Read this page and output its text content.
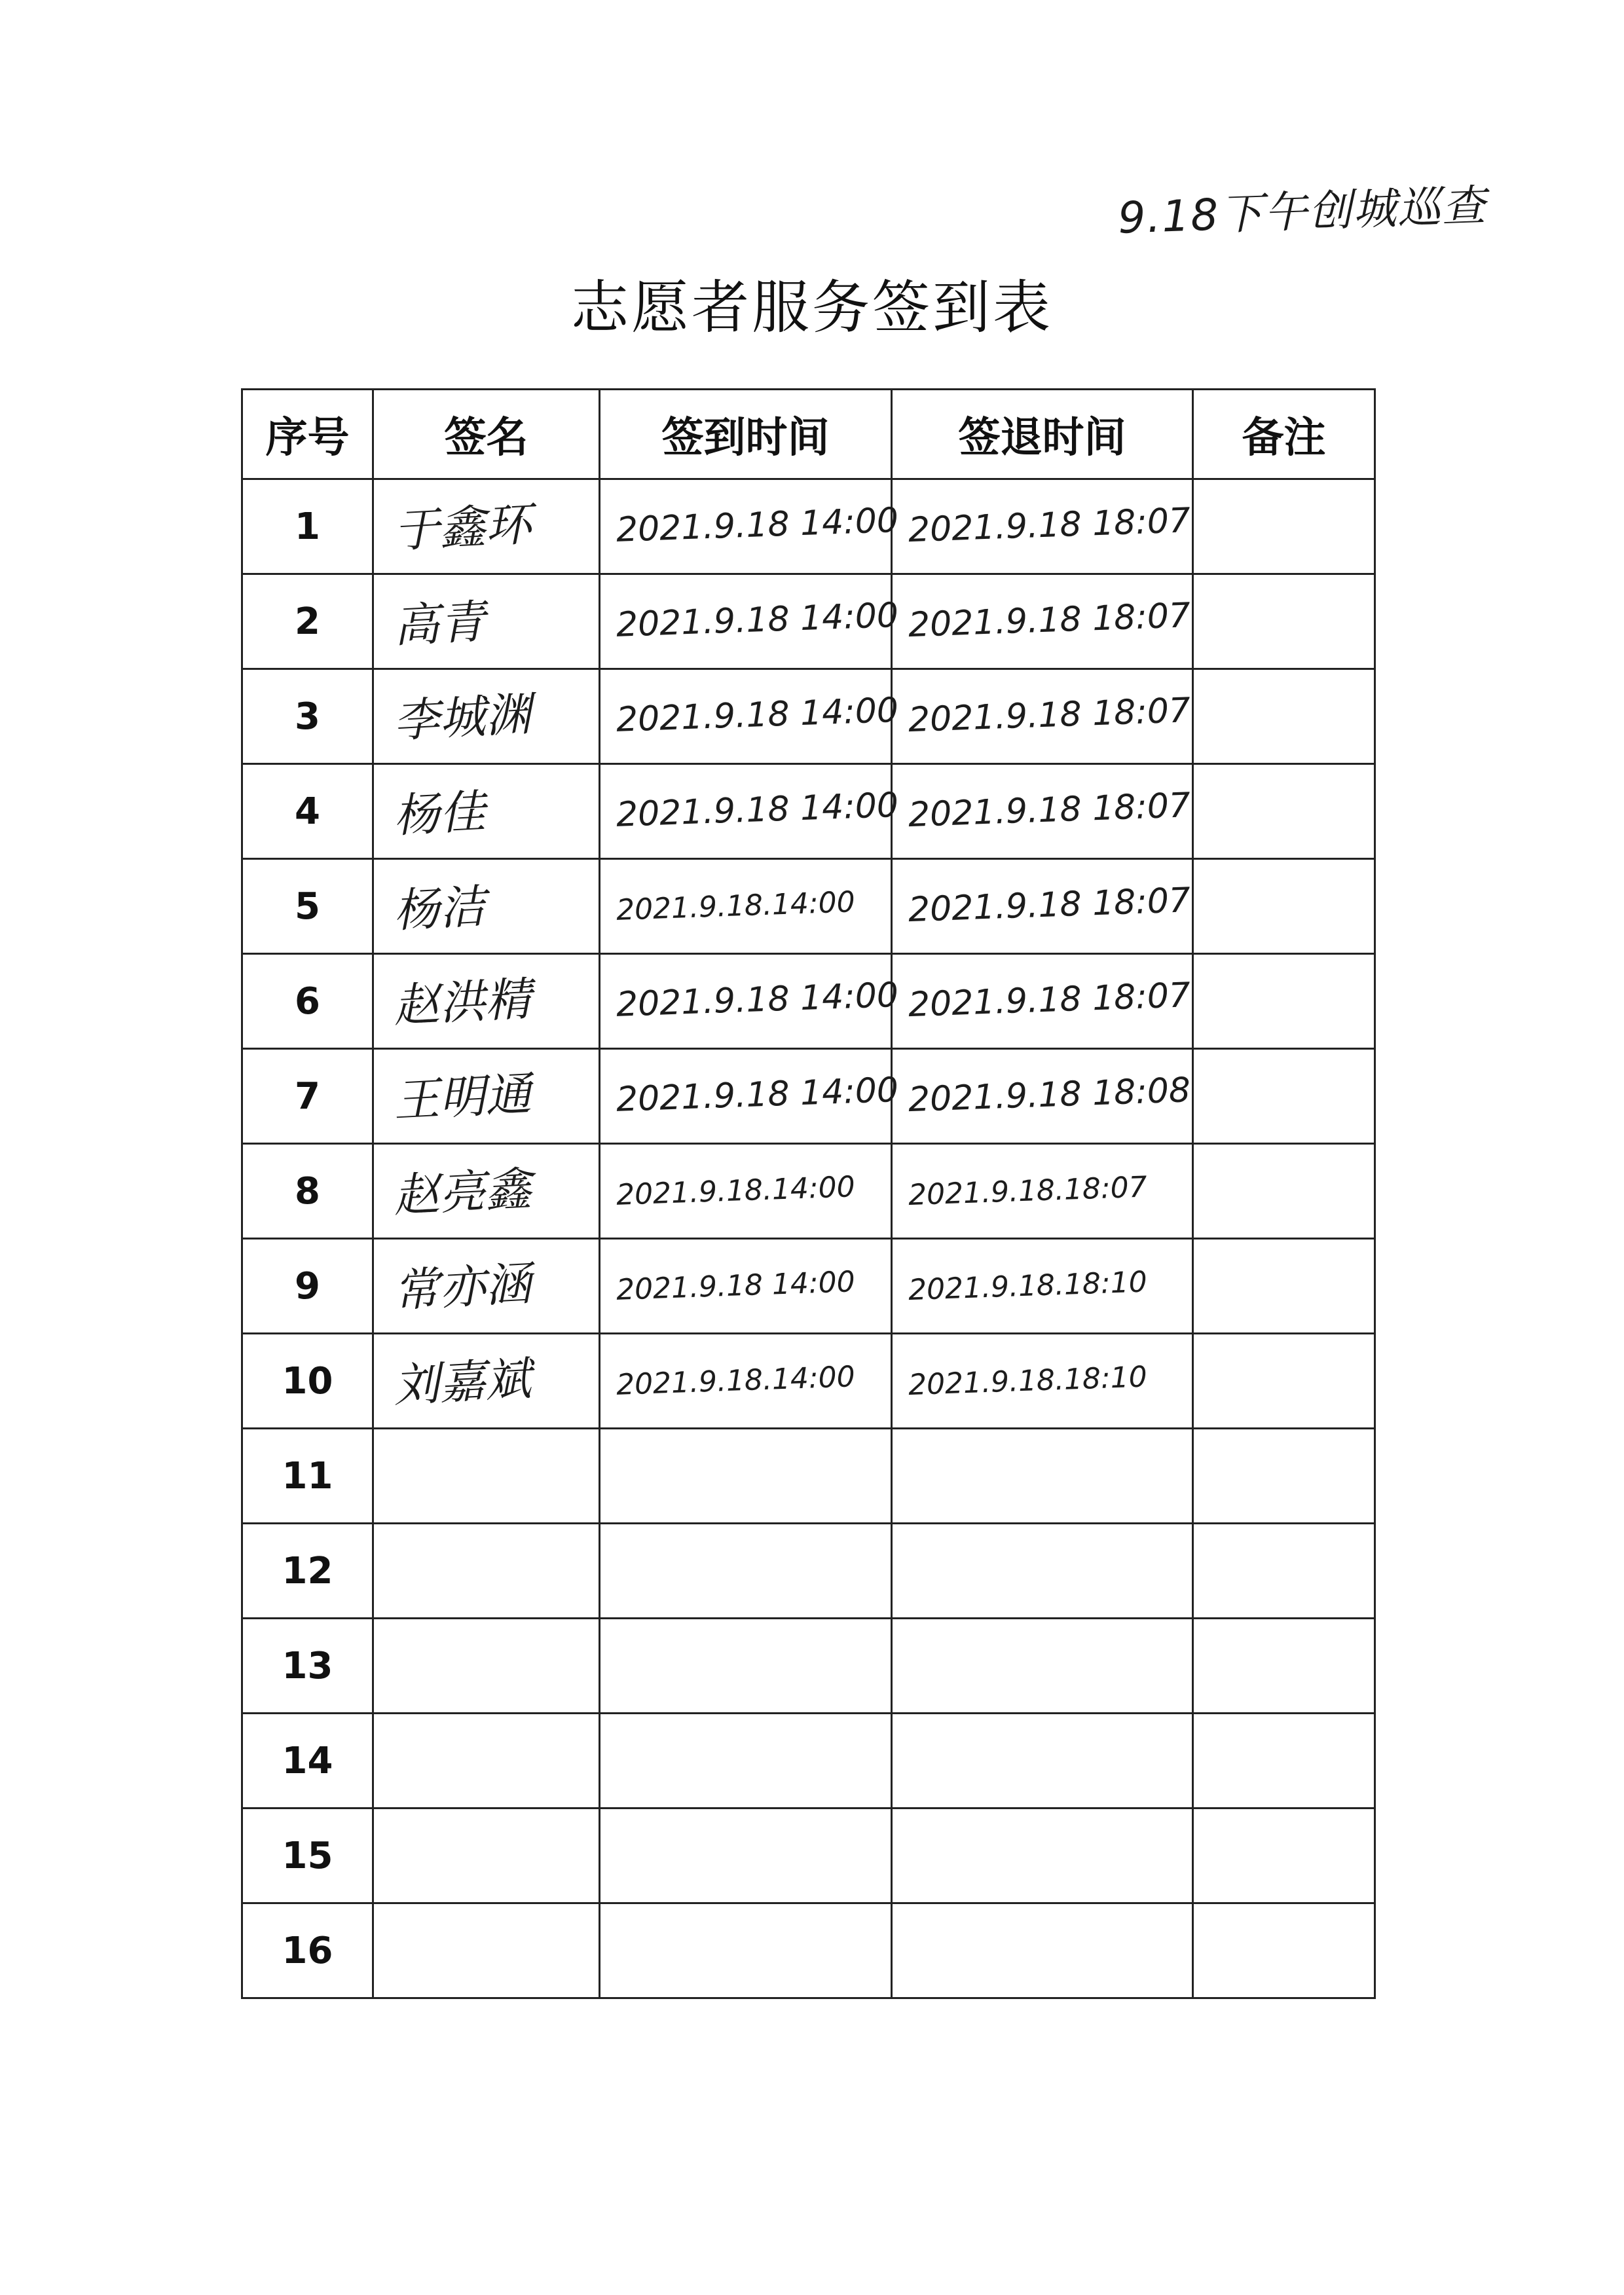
9.18下午创城巡查
志愿者服务签到表
序号	签名	签到时间	签退时间	备注
1	于鑫环	2021.9.18 14:00	2021.9.18 18:07	

2	高青	2021.9.18 14:00	2021.9.18 18:07	

3	李城渊	2021.9.18 14:00	2021.9.18 18:07	

4	杨佳	2021.9.18 14:00	2021.9.18 18:07	

5	杨洁	2021.9.18.14:00	2021.9.18 18:07	

6	赵洪精	2021.9.18 14:00	2021.9.18 18:07	

7	王明通	2021.9.18 14:00	2021.9.18 18:08	

8	赵亮鑫	2021.9.18.14:00	2021.9.18.18:07	

9	常亦涵	2021.9.18 14:00	2021.9.18.18:10	

10	刘嘉斌	2021.9.18.14:00	2021.9.18.18:10	

11				
12				
13				
14				
15				
16				
